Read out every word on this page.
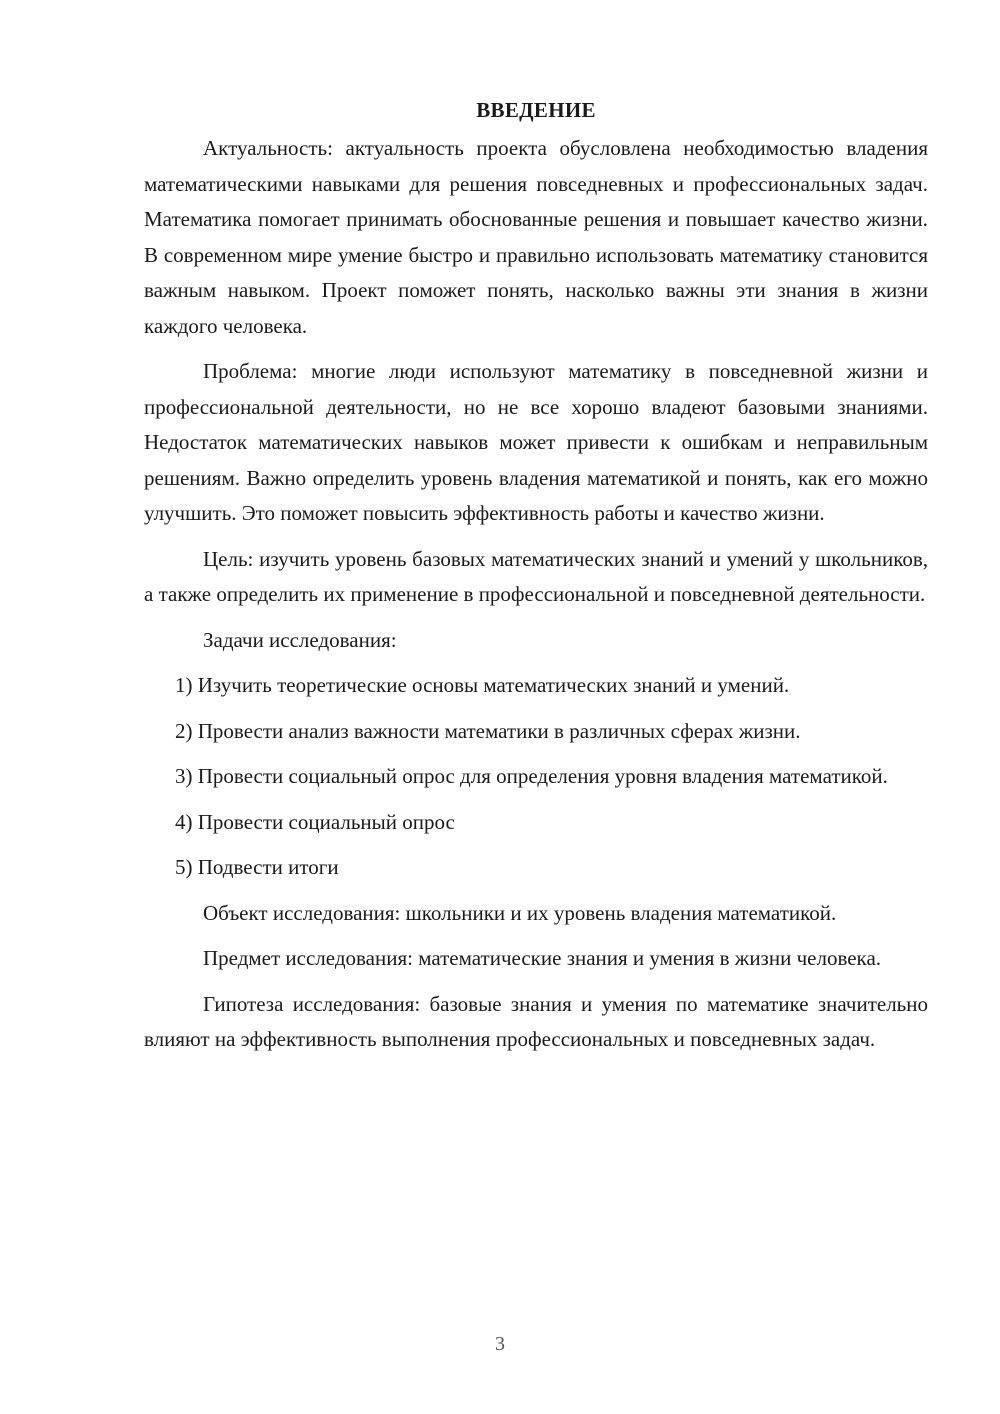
ВВЕДЕНИЕ

Актуальность: актуальность проекта обусловлена необходимостью владения математическими навыками для решения повседневных и профессиональных задач. Математика помогает принимать обоснованные решения и повышает качество жизни. В современном мире умение быстро и правильно использовать математику становится важным навыком. Проект поможет понять, насколько важны эти знания в жизни каждого человека.

Проблема: многие люди используют математику в повседневной жизни и профессиональной деятельности, но не все хорошо владеют базовыми знаниями. Недостаток математических навыков может привести к ошибкам и неправильным решениям. Важно определить уровень владения математикой и понять, как его можно улучшить. Это поможет повысить эффективность работы и качество жизни.

Цель: изучить уровень базовых математических знаний и умений у школьников, а также определить их применение в профессиональной и повседневной деятельности.

Задачи исследования:

1) Изучить теоретические основы математических знаний и умений.

2) Провести анализ важности математики в различных сферах жизни.

3) Провести социальный опрос для определения уровня владения математикой.

4) Провести социальный опрос

5) Подвести итоги

Объект исследования: школьники и их уровень владения математикой.

Предмет исследования: математические знания и умения в жизни человека.

Гипотеза исследования: базовые знания и умения по математике значительно влияют на эффективность выполнения профессиональных и повседневных задач.

3
